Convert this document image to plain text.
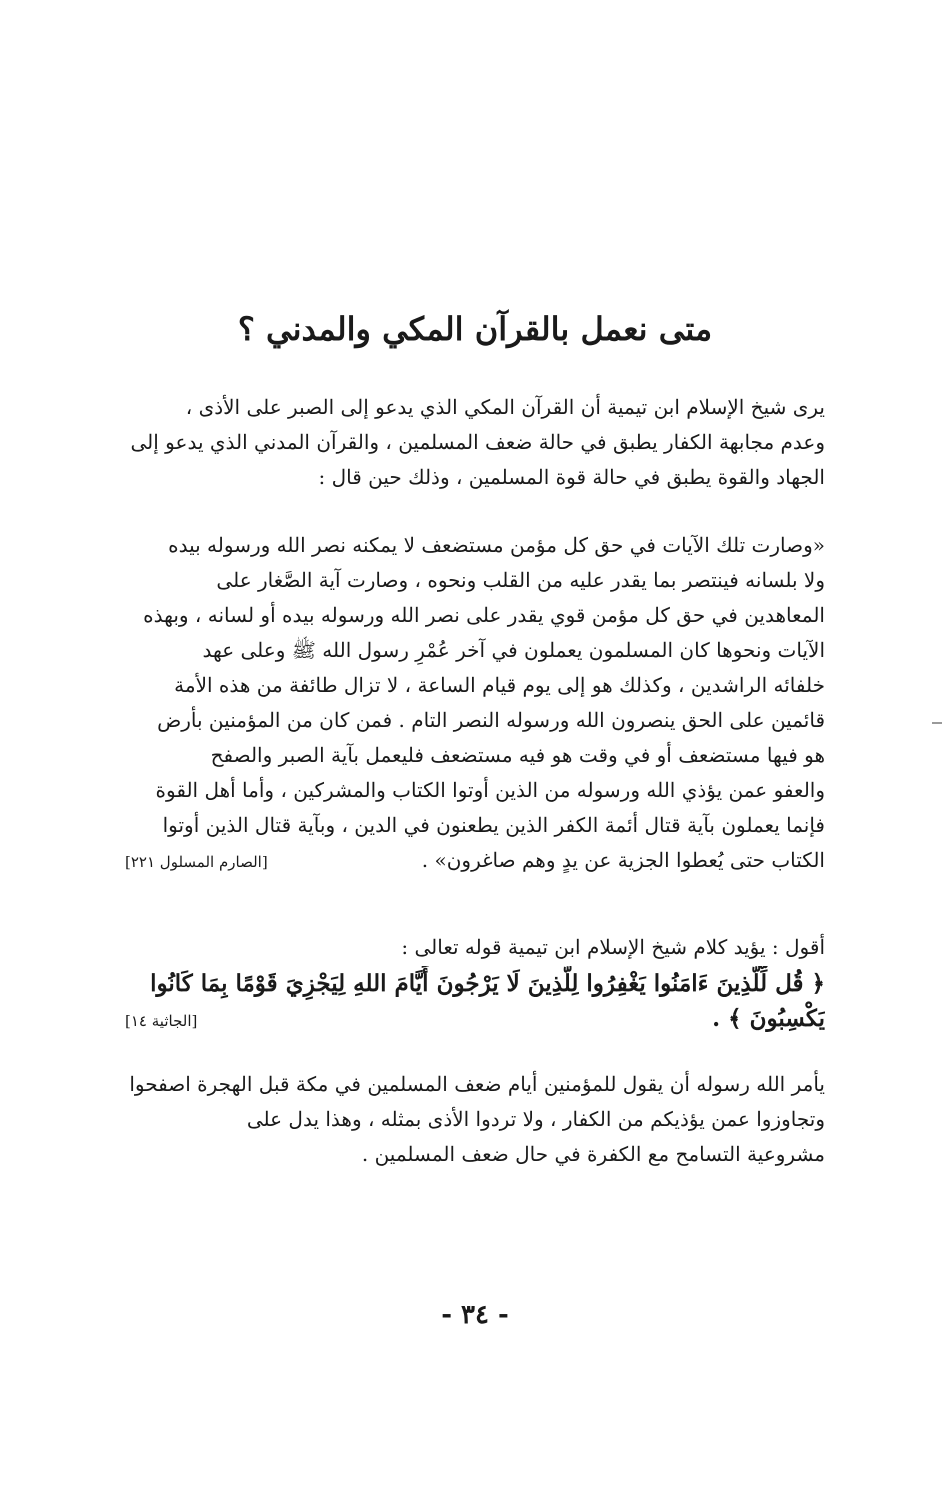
متى نعمل بالقرآن المكي والمدني ؟
يرى شيخ الإسلام ابن تيمية أن القرآن المكي الذي يدعو إلى الصبر على الأذى ،
وعدم مجابهة الكفار يطبق في حالة ضعف المسلمين ، والقرآن المدني الذي يدعو إلى
الجهاد والقوة يطبق في حالة قوة المسلمين ، وذلك حين قال :
«وصارت تلك الآيات في حق كل مؤمن مستضعف لا يمكنه نصر الله ورسوله بيده
ولا بلسانه فينتصر بما يقدر عليه من القلب ونحوه ، وصارت آية الصَّغار على
المعاهدين في حق كل مؤمن قوي يقدر على نصر الله ورسوله بيده أو لسانه ، وبهذه
الآيات ونحوها كان المسلمون يعملون في آخر عُمْرِ رسول الله ﷺ وعلى عهد
خلفائه الراشدين ، وكذلك هو إلى يوم قيام الساعة ، لا تزال طائفة من هذه الأمة
قائمين على الحق ينصرون الله ورسوله النصر التام . فمن كان من المؤمنين بأرض
هو فيها مستضعف أو في وقت هو فيه مستضعف فليعمل بآية الصبر والصفح
والعفو عمن يؤذي الله ورسوله من الذين أوتوا الكتاب والمشركين ، وأما أهل القوة
فإنما يعملون بآية قتال أئمة الكفر الذين يطعنون في الدين ، وبآية قتال الذين أوتوا
الكتاب حتى يُعطوا الجزية عن يدٍ وهم صاغرون» .
[الصارم المسلول ٢٢١]
أقول : يؤيد كلام شيخ الإسلام ابن تيمية قوله تعالى :
﴿ قُل لِّلَّذِينَ ءَامَنُوا يَغْفِرُوا لِلَّذِينَ لَا يَرْجُونَ أَيَّامَ اللهِ لِيَجْزِيَ قَوْمًا بِمَا كَانُوا
يَكْسِبُونَ ﴾ .
[الجاثية ١٤]
يأمر الله رسوله أن يقول للمؤمنين أيام ضعف المسلمين في مكة قبل الهجرة اصفحوا
وتجاوزوا عمن يؤذيكم من الكفار ، ولا تردوا الأذى بمثله ، وهذا يدل على
مشروعية التسامح مع الكفرة في حال ضعف المسلمين .
- ٣٤ -
